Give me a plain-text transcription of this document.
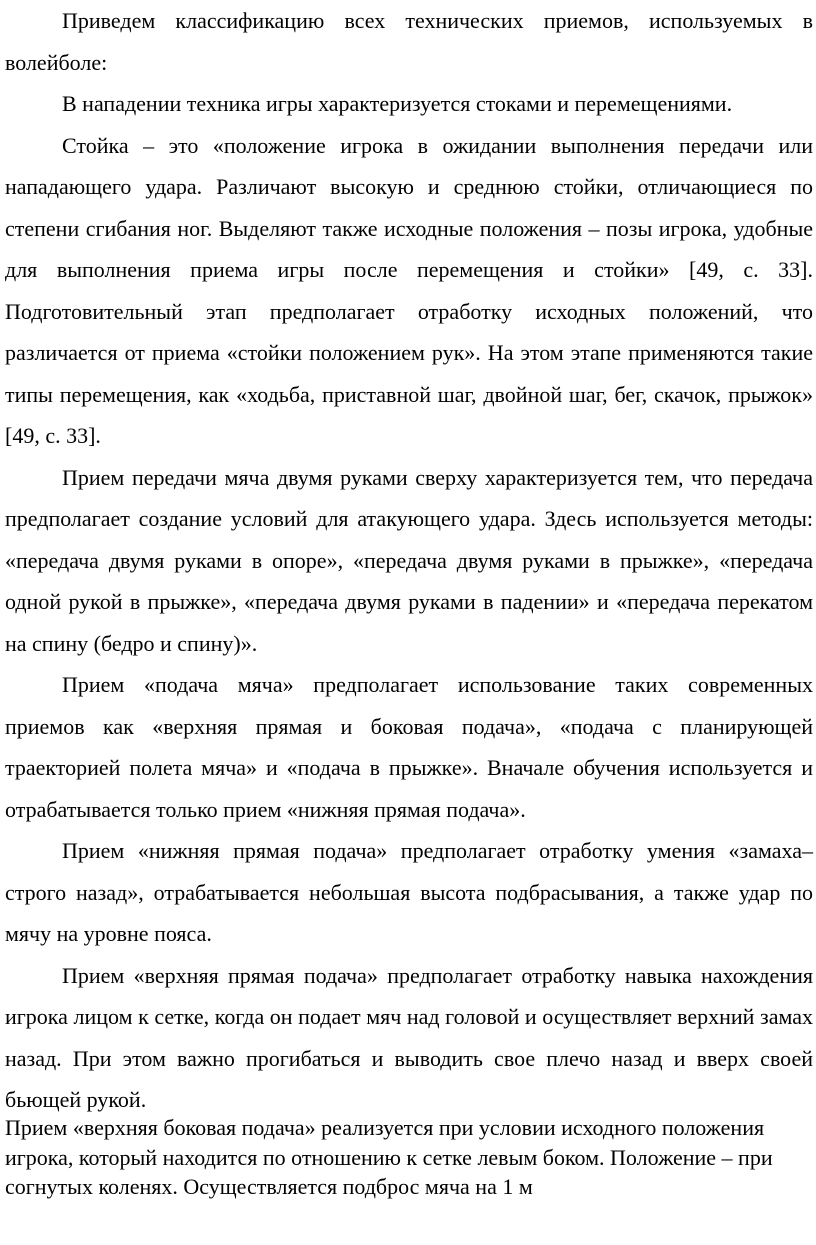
Приведем классификацию всех технических приемов, используемых в волейболе:

В нападении техника игры характеризуется стоками и перемещениями.

Стойка – это «положение игрока в ожидании выполнения передачи или нападающего удара. Различают высокую и среднюю стойки, отличающиеся по степени сгибания ног. Выделяют также исходные положения – позы игрока, удобные для выполнения приема игры после перемещения и стойки» [49, с. 33]. Подготовительный этап предполагает отработку исходных положений, что различается от приема «стойки положением рук». На этом этапе применяются такие типы перемещения, как «ходьба, приставной шаг, двойной шаг, бег, скачок, прыжок» [49, с. 33].

Прием передачи мяча двумя руками сверху характеризуется тем, что передача предполагает создание условий для атакующего удара. Здесь используется методы: «передача двумя руками в опоре», «передача двумя руками в прыжке», «передача одной рукой в прыжке», «передача двумя руками в падении» и «передача перекатом на спину (бедро и спину)».

Прием «подача мяча» предполагает использование таких современных приемов как «верхняя прямая и боковая подача», «подача с планирующей траекторией полета мяча» и «подача в прыжке». Вначале обучения используется и отрабатывается только прием «нижняя прямая подача».

Прием «нижняя прямая подача» предполагает отработку умения «замаха– строго назад», отрабатывается небольшая высота подбрасывания, а также удар по мячу на уровне пояса.

Прием «верхняя прямая подача» предполагает отработку навыка нахождения игрока лицом к сетке, когда он подает мяч над головой и осуществляет верхний замах назад. При этом важно прогибаться и выводить свое плечо назад и вверх своей бьющей рукой.

Прием «верхняя боковая подача» реализуется при условии исходного положения игрока, который находится по отношению к сетке левым боком. Положение – при согнутых коленях. Осуществляется подброс мяча на 1 м
